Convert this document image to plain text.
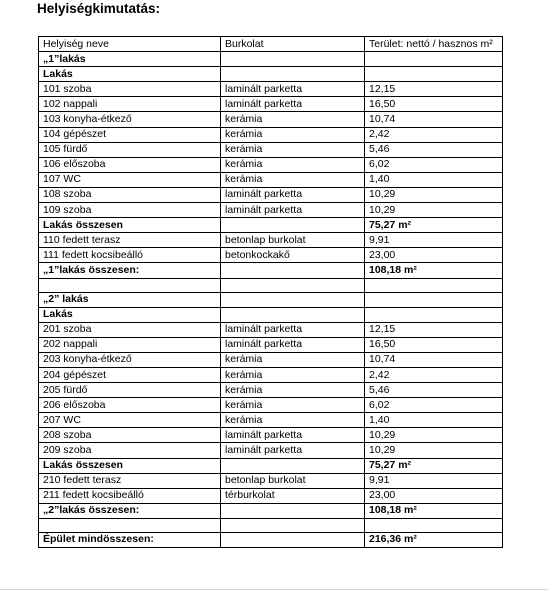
Helyiségkimutatás:
Helyiség neve	Burkolat	Terület: nettó / hasznos m²
„1”lakás		
Lakás		
101 szoba	laminált parketta	12,15
102 nappali	laminált parketta	16,50
103 konyha-étkező	kerámia	10,74
104 gépészet	kerámia	2,42
105 fürdő	kerámia	5,46
106 előszoba	kerámia	6,02
107 WC	kerámia	1,40
108 szoba	laminált parketta	10,29
109 szoba	laminált parketta	10,29
Lakás összesen		75,27 m²
110 fedett terasz	betonlap burkolat	9,91
111 fedett kocsibeálló	betonkockakő	23,00
„1”lakás összesen:		108,18 m²

„2” lakás		
Lakás		
201 szoba	laminált parketta	12,15
202 nappali	laminált parketta	16,50
203 konyha-étkező	kerámia	10,74
204 gépészet	kerámia	2,42
205 fürdő	kerámia	5,46
206 előszoba	kerámia	6,02
207 WC	kerámia	1,40
208 szoba	laminált parketta	10,29
209 szoba	laminált parketta	10,29
Lakás összesen		75,27 m²
210 fedett terasz	betonlap burkolat	9,91
211 fedett kocsibeálló	térburkolat	23,00
„2”lakás összesen:		108,18 m²

Épület mindösszesen:		216,36 m²
